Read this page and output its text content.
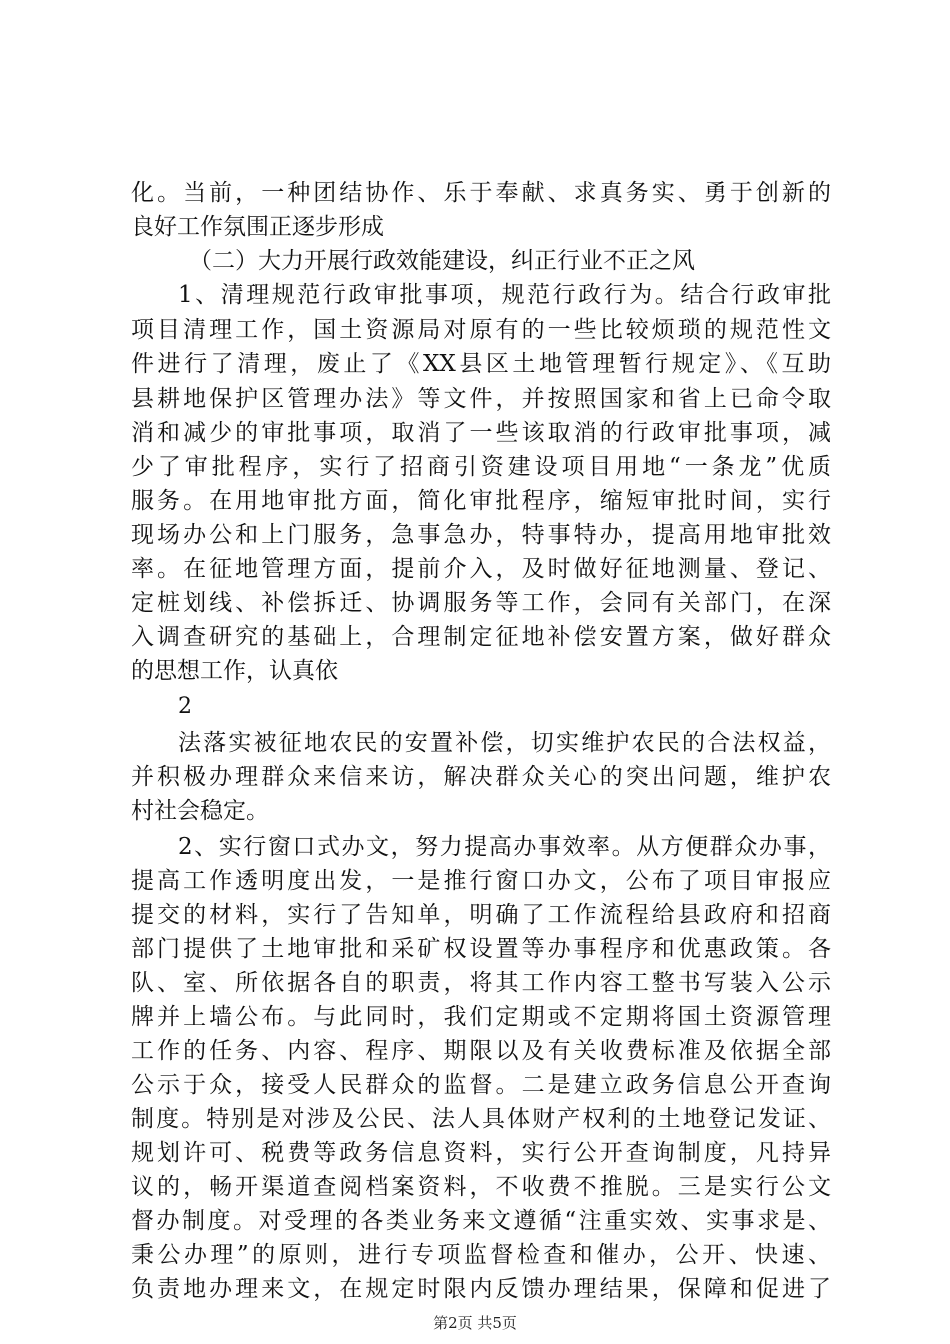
化。当前，一种团结协作、乐于奉献、求真务实、勇于创新的
良好工作氛围正逐步形成
（二）大力开展行政效能建设，纠正行业不正之风
1、清理规范行政审批事项，规范行政行为。结合行政审批
项目清理工作，国土资源局对原有的一些比较烦琐的规范性文
件进行了清理，废止了《XX县区土地管理暂行规定》、《互助
县耕地保护区管理办法》等文件，并按照国家和省上已命令取
消和减少的审批事项，取消了一些该取消的行政审批事项，减
少了审批程序，实行了招商引资建设项目用地“一条龙”优质
服务。在用地审批方面，简化审批程序，缩短审批时间，实行
现场办公和上门服务，急事急办，特事特办，提高用地审批效
率。在征地管理方面，提前介入，及时做好征地测量、登记、
定桩划线、补偿拆迁、协调服务等工作，会同有关部门，在深
入调查研究的基础上，合理制定征地补偿安置方案，做好群众
的思想工作，认真依
2
法落实被征地农民的安置补偿，切实维护农民的合法权益，
并积极办理群众来信来访，解决群众关心的突出问题，维护农
村社会稳定。
2、实行窗口式办文，努力提高办事效率。从方便群众办事，
提高工作透明度出发，一是推行窗口办文，公布了项目审报应
提交的材料，实行了告知单，明确了工作流程给县政府和招商
部门提供了土地审批和采矿权设置等办事程序和优惠政策。各
队、室、所依据各自的职责，将其工作内容工整书写装入公示
牌并上墙公布。与此同时，我们定期或不定期将国土资源管理
工作的任务、内容、程序、期限以及有关收费标准及依据全部
公示于众，接受人民群众的监督。二是建立政务信息公开查询
制度。特别是对涉及公民、法人具体财产权利的土地登记发证、
规划许可、税费等政务信息资料，实行公开查询制度，凡持异
议的，畅开渠道查阅档案资料，不收费不推脱。三是实行公文
督办制度。对受理的各类业务来文遵循“注重实效、实事求是、
第2页 共5页
秉公办理”的原则，进行专项监督检查和催办，公开、快速、
负责地办理来文，在规定时限内反馈办理结果，保障和促进了
